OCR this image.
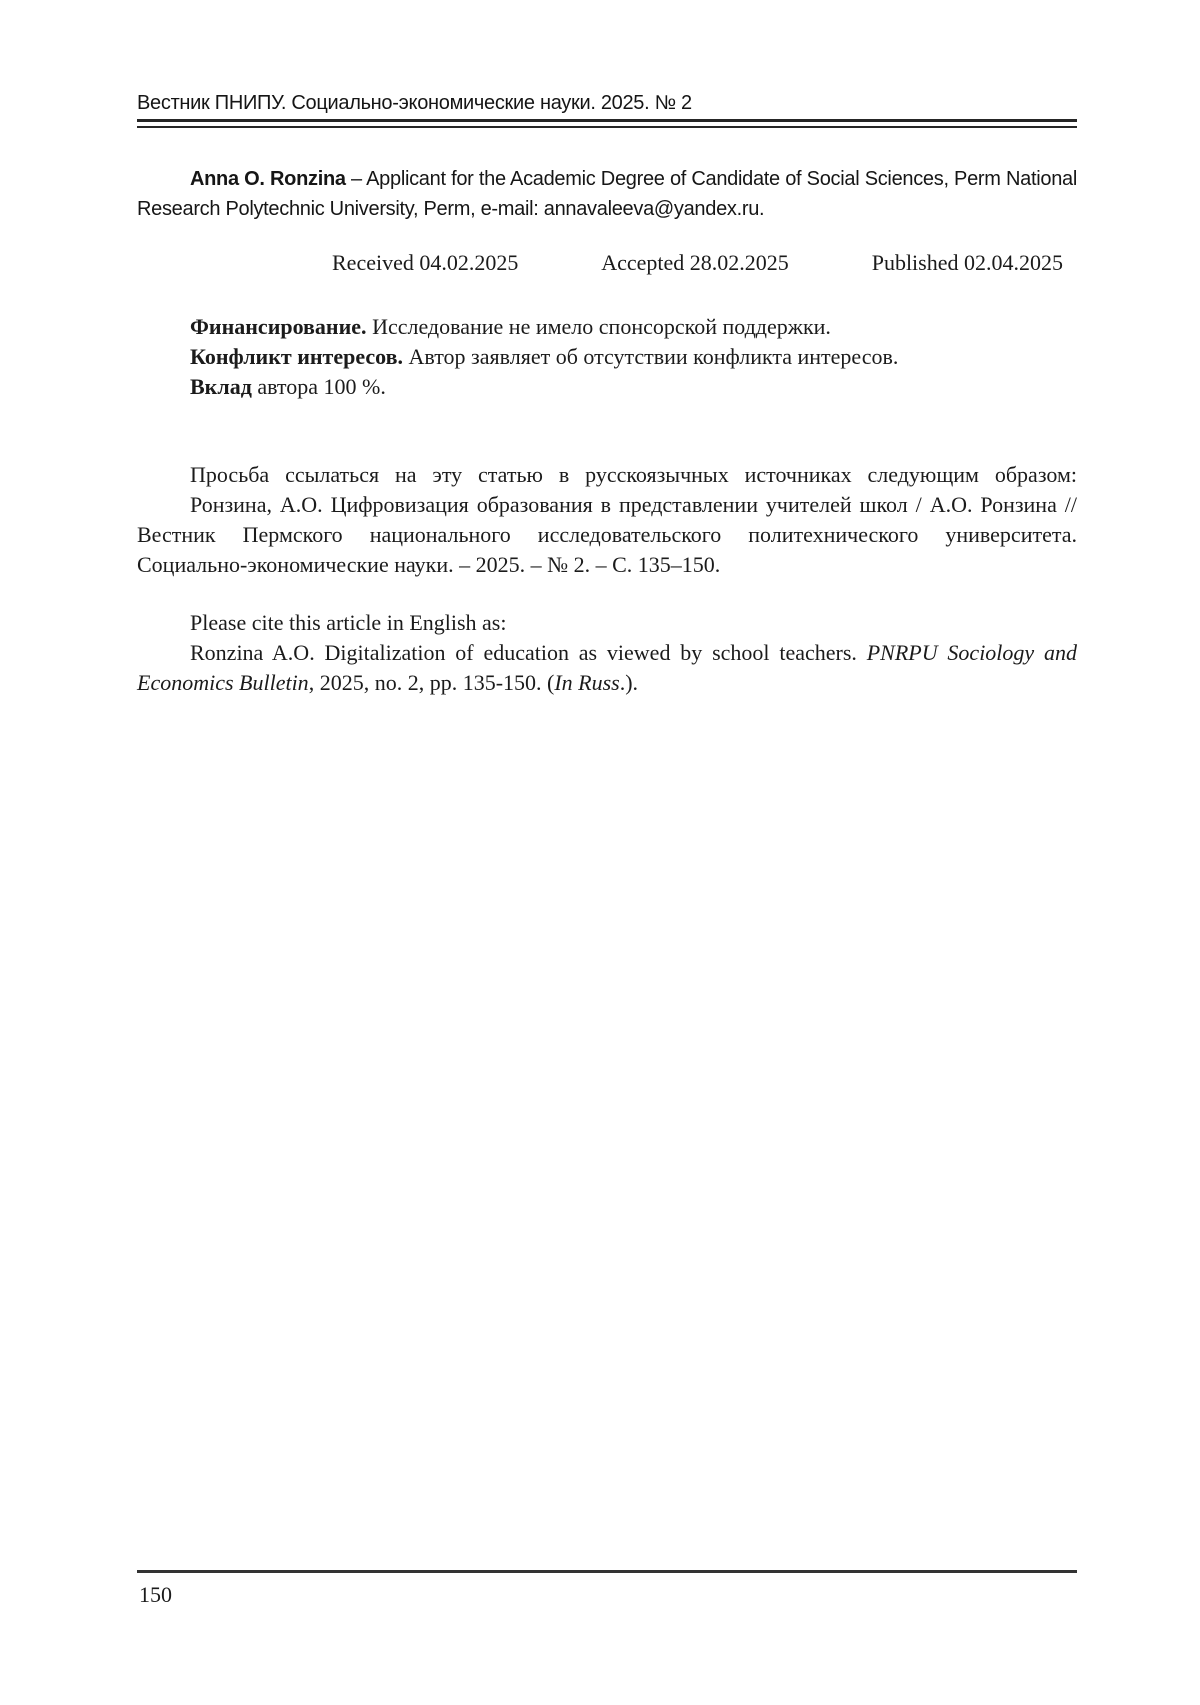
Вестник ПНИПУ. Социально-экономические науки. 2025. № 2

Anna O. Ronzina – Applicant for the Academic Degree of Candidate of Social Sciences, Perm National Research Polytechnic University, Perm, e-mail: annavaleeva@yandex.ru.

Received 04.02.2025	Accepted 28.02.2025	Published 02.04.2025

Финансирование. Исследование не имело спонсорской поддержки.

Конфликт интересов. Автор заявляет об отсутствии конфликта интересов.

Вклад автора 100 %.

Просьба ссылаться на эту статью в русскоязычных источниках следующим образом:

Ронзина, А.О. Цифровизация образования в представлении учителей школ / А.О. Ронзина // Вестник Пермского национального исследовательского политехнического университета. Социально-экономические науки. – 2025. – № 2. – С. 135–150.

Please cite this article in English as:

Ronzina A.O. Digitalization of education as viewed by school teachers. PNRPU Sociology and Economics Bulletin, 2025, no. 2, pp. 135-150. (In Russ.).

150
